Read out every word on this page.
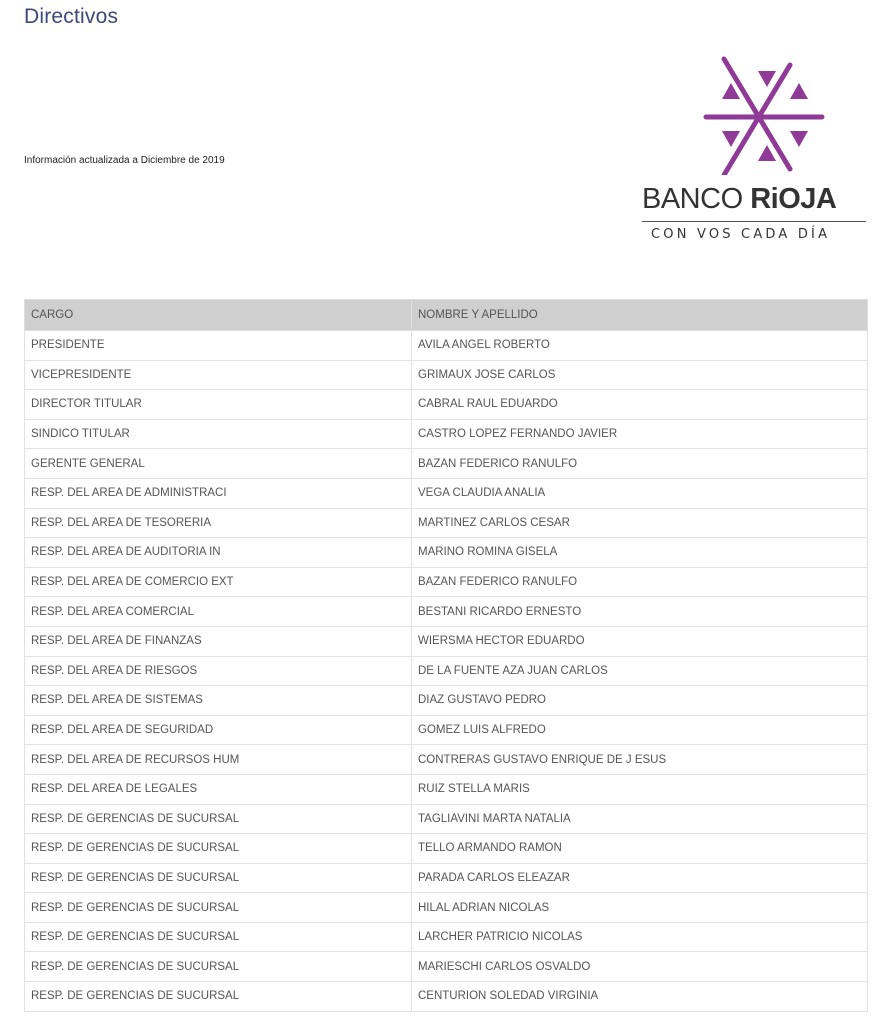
Directivos
Información actualizada a Diciembre de 2019
BANCO RiOJA
CON VOS CADA DÍA
CARGO	NOMBRE Y APELLIDO
PRESIDENTE	AVILA ANGEL ROBERTO
VICEPRESIDENTE	GRIMAUX JOSE CARLOS
DIRECTOR TITULAR	CABRAL RAUL EDUARDO
SINDICO TITULAR	CASTRO LOPEZ FERNANDO JAVIER
GERENTE GENERAL	BAZAN FEDERICO RANULFO
RESP. DEL AREA DE ADMINISTRACI	VEGA CLAUDIA ANALIA
RESP. DEL AREA DE TESORERIA	MARTINEZ CARLOS CESAR
RESP. DEL AREA DE AUDITORIA IN	MARINO ROMINA GISELA
RESP. DEL AREA DE COMERCIO EXT	BAZAN FEDERICO RANULFO
RESP. DEL AREA COMERCIAL	BESTANI RICARDO ERNESTO
RESP. DEL AREA DE FINANZAS	WIERSMA HECTOR EDUARDO
RESP. DEL AREA DE RIESGOS	DE LA FUENTE AZA JUAN CARLOS
RESP. DEL AREA DE SISTEMAS	DIAZ GUSTAVO PEDRO
RESP. DEL AREA DE SEGURIDAD	GOMEZ LUIS ALFREDO
RESP. DEL AREA DE RECURSOS HUM	CONTRERAS GUSTAVO ENRIQUE DE J ESUS
RESP. DEL AREA DE LEGALES	RUIZ STELLA MARIS
RESP. DE GERENCIAS DE SUCURSAL	TAGLIAVINI MARTA NATALIA
RESP. DE GERENCIAS DE SUCURSAL	TELLO ARMANDO RAMON
RESP. DE GERENCIAS DE SUCURSAL	PARADA CARLOS ELEAZAR
RESP. DE GERENCIAS DE SUCURSAL	HILAL ADRIAN NICOLAS
RESP. DE GERENCIAS DE SUCURSAL	LARCHER PATRICIO NICOLAS
RESP. DE GERENCIAS DE SUCURSAL	MARIESCHI CARLOS OSVALDO
RESP. DE GERENCIAS DE SUCURSAL	CENTURION SOLEDAD VIRGINIA
